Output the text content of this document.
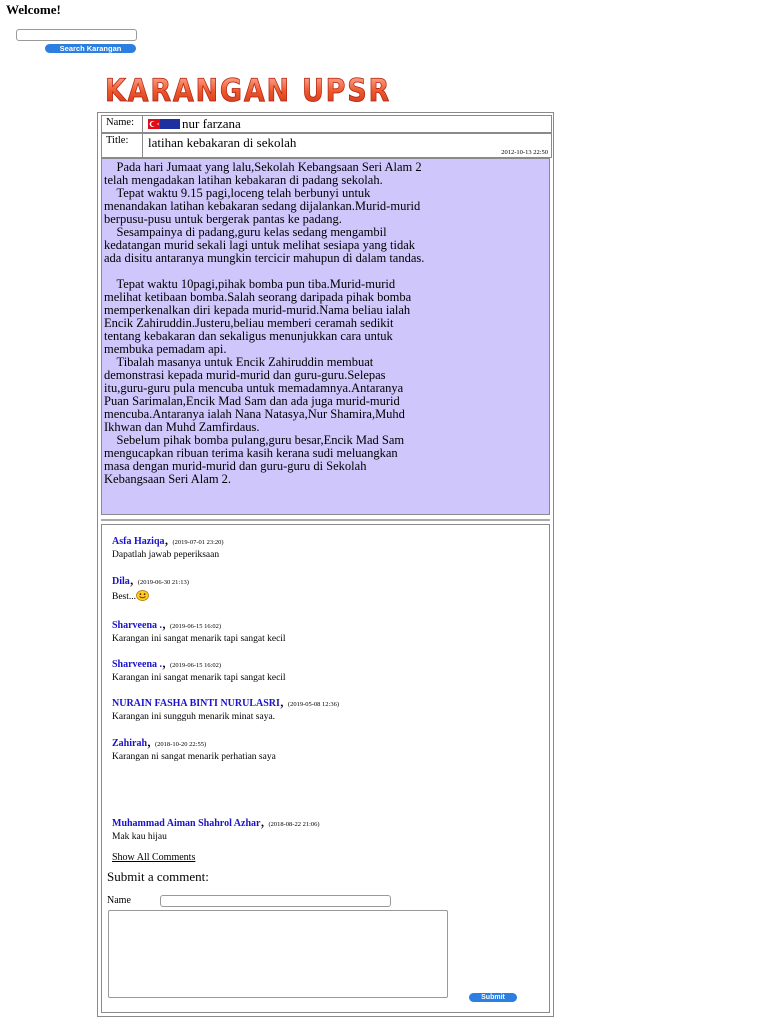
Welcome!
Search Karangan
KARANGAN UPSR
Name:	nur farzana
Title:	latihan kebakaran di sekolah
2012-10-13 22:50

Pada hari Jumaat yang lalu,Sekolah Kebangsaan Seri Alam 2
telah mengadakan latihan kebakaran di padang sekolah.
Tepat waktu 9.15 pagi,loceng telah berbunyi untuk
menandakan latihan kebakaran sedang dijalankan.Murid-murid
berpusu-pusu untuk bergerak pantas ke padang.
Sesampainya di padang,guru kelas sedang mengambil
kedatangan murid sekali lagi untuk melihat sesiapa yang tidak
ada disitu antaranya mungkin tercicir mahupun di dalam tandas.

Tepat waktu 10pagi,pihak bomba pun tiba.Murid-murid
melihat ketibaan bomba.Salah seorang daripada pihak bomba
memperkenalkan diri kepada murid-murid.Nama beliau ialah
Encik Zahiruddin.Justeru,beliau memberi ceramah sedikit
tentang kebakaran dan sekaligus menunjukkan cara untuk
membuka pemadam api.
Tibalah masanya untuk Encik Zahiruddin membuat
demonstrasi kepada murid-murid dan guru-guru.Selepas
itu,guru-guru pula mencuba untuk memadamnya.Antaranya
Puan Sarimalan,Encik Mad Sam dan ada juga murid-murid
mencuba.Antaranya ialah Nana Natasya,Nur Shamira,Muhd
Ikhwan dan Muhd Zamfirdaus.
Sebelum pihak bomba pulang,guru besar,Encik Mad Sam
mengucapkan ribuan terima kasih kerana sudi meluangkan
masa dengan murid-murid dan guru-guru di Sekolah
Kebangsaan Seri Alam 2.

Asfa Haziqa, (2019-07-01 23:20)
Dapatlah jawab peperiksaan
Dila, (2019-06-30 21:13)
Best...
Sharveena ., (2019-06-15 16:02)
Karangan ini sangat menarik tapi sangat kecil
Sharveena ., (2019-06-15 16:02)
Karangan ini sangat menarik tapi sangat kecil
NURAIN FASHA BINTI NURULASRI, (2019-05-08 12:36)
Karangan ini sungguh menarik minat saya.
Zahirah, (2018-10-20 22:55)
Karangan ni sangat menarik perhatian saya
Muhammad Aiman Shahrol Azhar, (2018-08-22 21:06)
Mak kau hijau
Show All Comments
Submit a comment:
Name
Submit
